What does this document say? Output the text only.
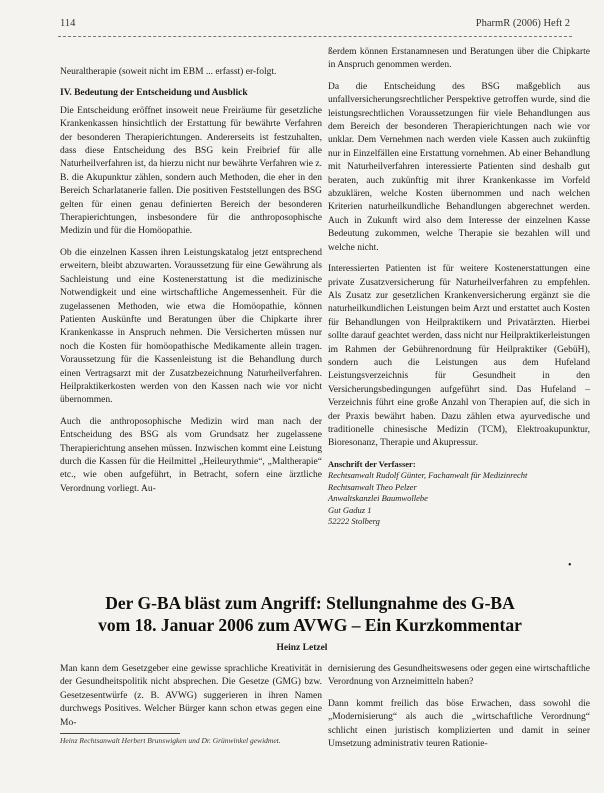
114	PharmR (2006) Heft 2

Neuraltherapie (soweit nicht im EBM ... erfasst) er-folgt.

IV. Bedeutung der Entscheidung und Ausblick

Die Entscheidung eröffnet insoweit neue Freiräume für gesetzliche Krankenkassen hinsichtlich der Erstattung für bewährte Verfahren der besonderen Therapierichtungen. Andererseits ist festzuhalten, dass diese Entscheidung des BSG kein Freibrief für alle Naturheilverfahren ist, da hierzu nicht nur bewährte Verfahren wie z. B. die Akupunktur zählen, sondern auch Methoden, die eher in den Bereich Scharlatanerie fallen. Die positiven Feststellungen des BSG gelten für einen genau definierten Bereich der besonderen Therapierichtungen, insbesondere für die anthroposophische Medizin und für die Homöopathie.

Ob die einzelnen Kassen ihren Leistungskatalog jetzt entsprechend erweitern, bleibt abzuwarten. Voraussetzung für eine Gewährung als Sachleistung und eine Kostenerstattung ist die medizinische Notwendigkeit und eine wirtschaftliche Angemessenheit. Für die zugelassenen Methoden, wie etwa die Homöopathie, können Patienten Auskünfte und Beratungen über die Chipkarte ihrer Krankenkasse in Anspruch nehmen. Die Versicherten müssen nur noch die Kosten für homöopathische Medikamente allein tragen. Voraussetzung für die Kassenleistung ist die Behandlung durch einen Vertragsarzt mit der Zusatzbezeichnung Naturheilverfahren. Heilpraktikerkosten werden von den Kassen nach wie vor nicht übernommen.

Auch die anthroposophische Medizin wird man nach der Entscheidung des BSG als vom Grundsatz her zugelassene Therapierichtung ansehen müssen. Inzwischen kommt eine Leistung durch die Kassen für die Heilmittel „Heileurythmie“, „Maltherapie“ etc., wie oben aufgeführt, in Betracht, sofern eine ärztliche Verordnung vorliegt. Au-

ßerdem können Erstanamnesen und Beratungen über die Chipkarte in Anspruch genommen werden.

Da die Entscheidung des BSG maßgeblich aus unfallversicherungsrechtlicher Perspektive getroffen wurde, sind die leistungsrechtlichen Voraussetzungen für viele Behandlungen aus dem Bereich der besonderen Therapierichtungen nach wie vor unklar. Dem Vernehmen nach werden viele Kassen auch zukünftig nur in Einzelfällen eine Erstattung vornehmen. Ab einer Behandlung mit Naturheilverfahren interessierte Patienten sind deshalb gut beraten, auch zukünftig mit ihrer Krankenkasse im Vorfeld abzuklären, welche Kosten übernommen und nach welchen Kriterien naturheilkundliche Behandlungen abgerechnet werden. Auch in Zukunft wird also dem Interesse der einzelnen Kasse Bedeutung zukommen, welche Therapie sie bezahlen will und welche nicht.

Interessierten Patienten ist für weitere Kostenerstattungen eine private Zusatzversicherung für Naturheilverfahren zu empfehlen. Als Zusatz zur gesetzlichen Krankenversicherung ergänzt sie die naturheilkundlichen Leistungen beim Arzt und erstattet auch Kosten für Behandlungen von Heilpraktikern und Privatärzten. Hierbei sollte darauf geachtet werden, dass nicht nur Heilpraktikerleistungen im Rahmen der Gebührenordnung für Heilpraktiker (GebüH), sondern auch die Leistungen aus dem Hufeland Leistungsverzeichnis für Gesundheit in den Versicherungsbedingungen aufgeführt sind. Das Hufeland – Verzeichnis führt eine große Anzahl von Therapien auf, die sich in der Praxis bewährt haben. Dazu zählen etwa ayurvedische und traditionelle chinesische Medizin (TCM), Elektroakupunktur, Bioresonanz, Therapie und Akupressur.

Anschrift der Verfasser:
Rechtsanwalt Rudolf Günter, Fachanwalt für Medizinrecht
Rechtsanwalt Theo Pelzer
Anwaltskanzlei Baumwollebe
Gut Gaduz 1
52222 Stolberg
•
Der G-BA bläst zum Angriff: Stellungnahme des G-BA
vom 18. Januar 2006 zum AVWG – Ein Kurzkommentar
Heinz Letzel

Man kann dem Gesetzgeber eine gewisse sprachliche Kreativität in der Gesundheitspolitik nicht absprechen. Die Gesetze (GMG) bzw. Gesetzesentwürfe (z. B. AVWG) suggerieren in ihren Namen durchwegs Positives. Welcher Bürger kann schon etwas gegen eine Mo-

dernisierung des Gesundheitswesens oder gegen eine wirtschaftliche Verordnung von Arzneimitteln haben?

Dann kommt freilich das böse Erwachen, dass sowohl die „Modernisierung“ als auch die „wirtschaftliche Verordnung“ schlicht einen juristisch komplizierten und damit in seiner Umsetzung administrativ teuren Rationie-

Heinz Rechtsanwalt Herbert Brunswigken und Dr. Grünwinkel gewidmet.
